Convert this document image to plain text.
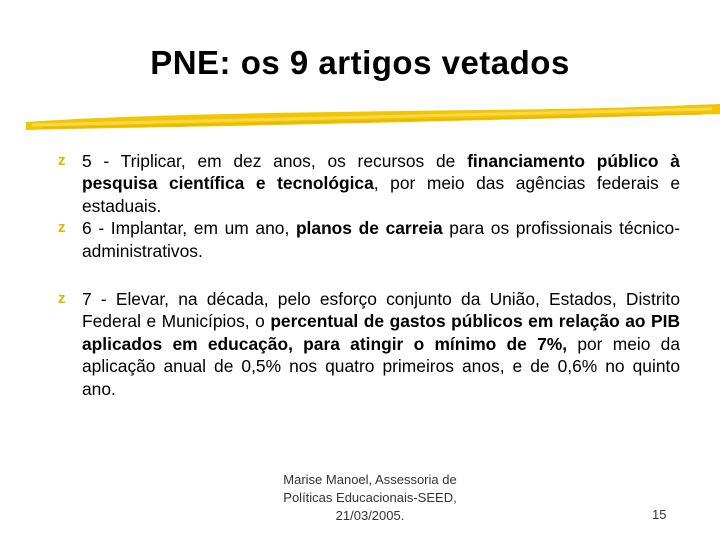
PNE: os 9 artigos vetados
z 5 - Triplicar, em dez anos, os recursos de financiamento público à pesquisa científica e tecnológica, por meio das agências federais e estaduais.
z 6 - Implantar, em um ano, planos de carreia para os profissionais técnico-administrativos.
z 7 - Elevar, na década, pelo esforço conjunto da União, Estados, Distrito Federal e Municípios, o percentual de gastos públicos em relação ao PIB aplicados em educação, para atingir o mínimo de 7%, por meio da aplicação anual de 0,5% nos quatro primeiros anos, e de 0,6% no quinto ano.
Marise Manoel, Assessoria de
Políticas Educacionais-SEED,
21/03/2005.	15
